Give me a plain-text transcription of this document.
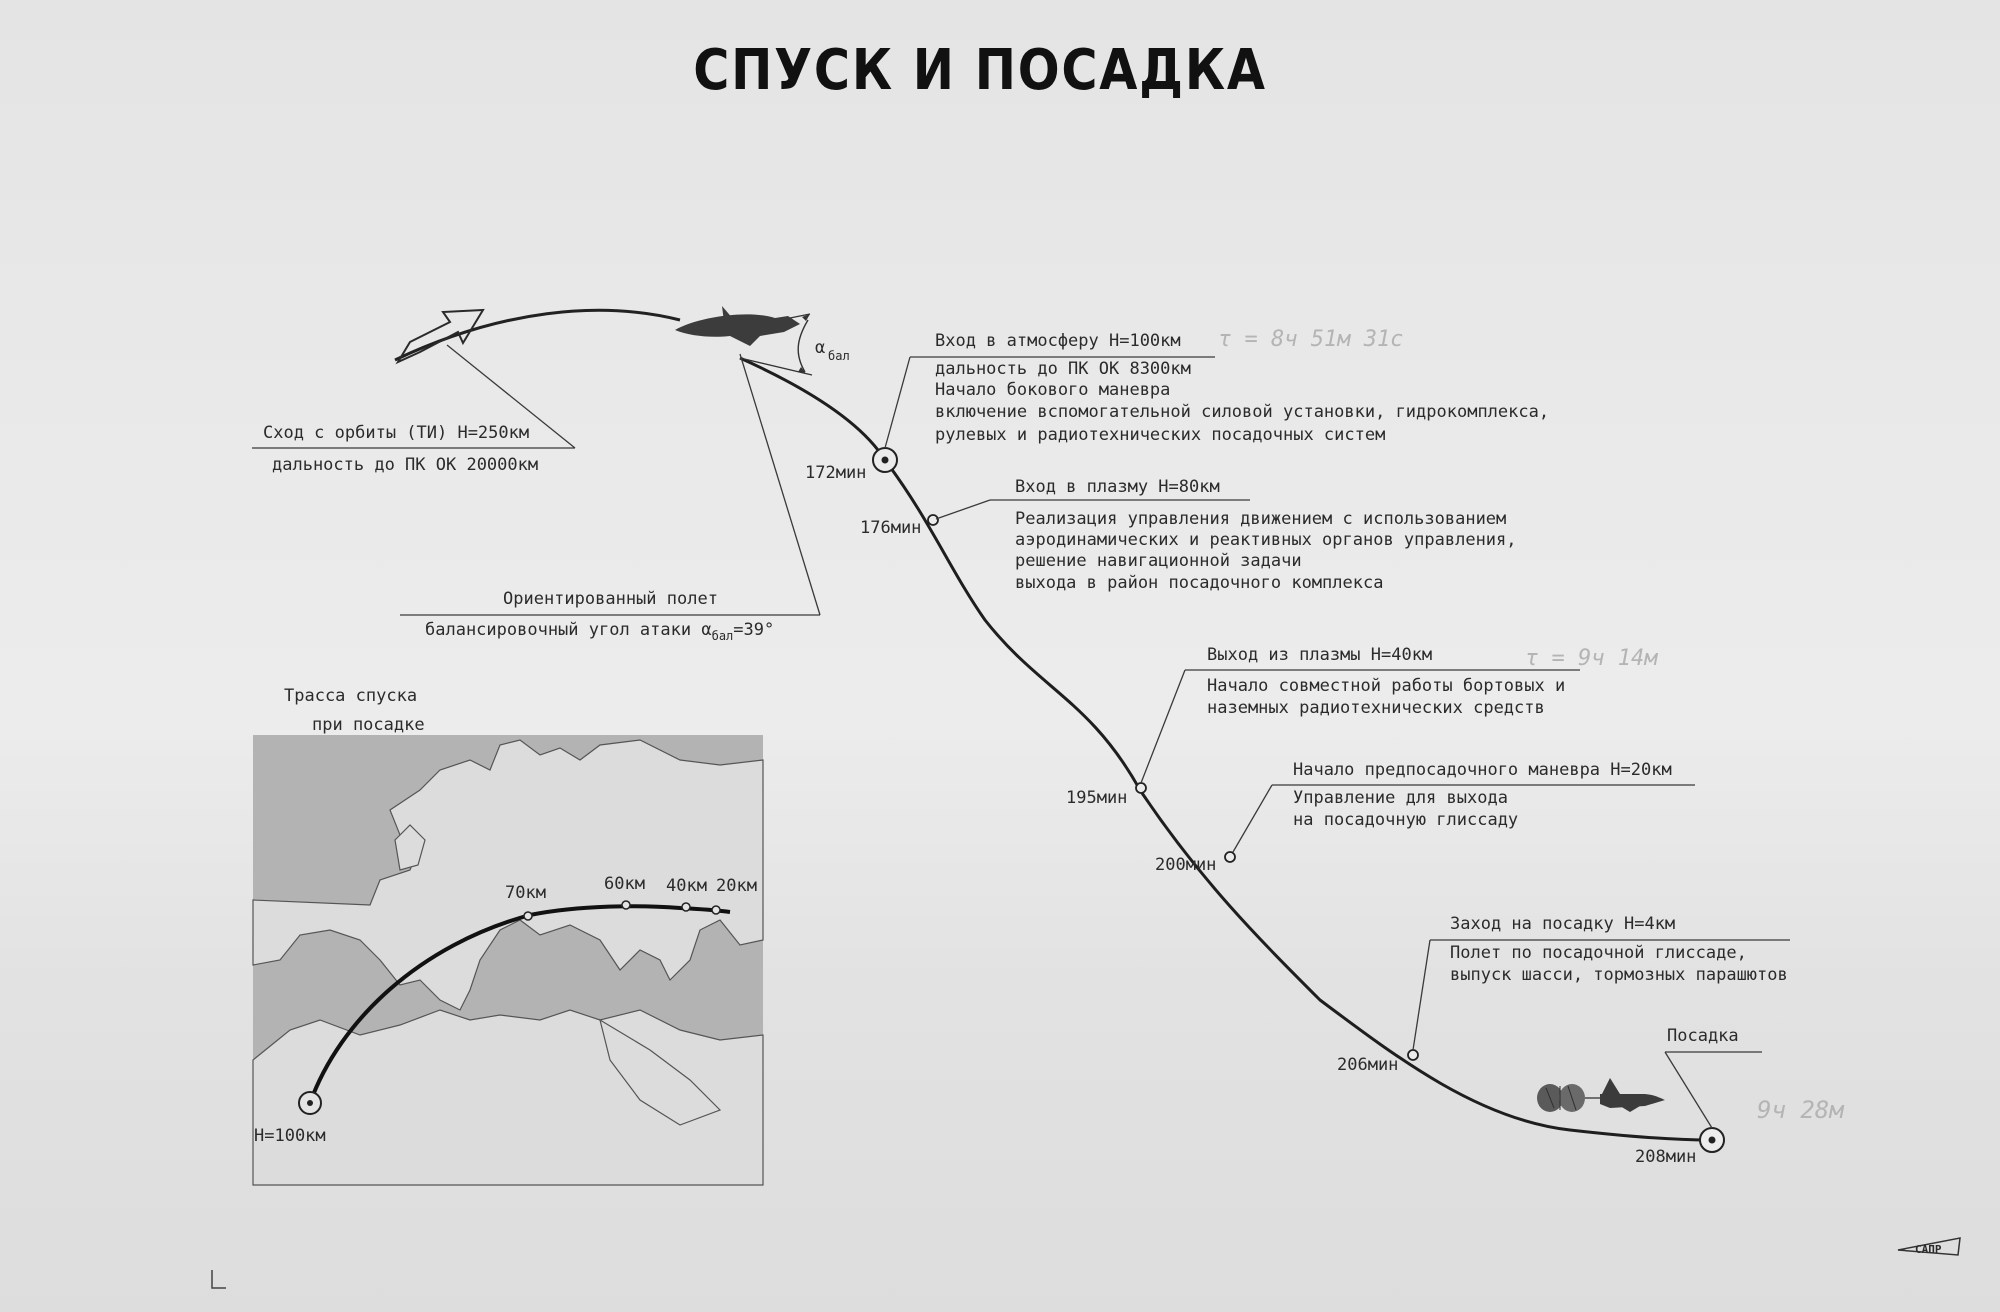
СПУСК И ПОСАДКА
α бал
τ = 8ч 51м 31с
τ = 9ч 14м
9ч 28м
172мин
176мин
195мин
200мин
206мин
208мин
Сход с орбиты (ТИ) Н=250км
дальность до ПК ОК 20000км
Ориентированный полет
балансировочный угол атаки $\alpha_{бал}=39^\circ$
Вход в атмосферу Н=100км
дальность до ПК ОК 8300км
Начало бокового маневра
включение вспомогательной силовой установки, гидрокомплекса,
рулевых и радиотехнических посадочных систем
Вход в плазму Н=80км
Реализация управления движением с использованием
аэродинамических и реактивных органов управления,
решение навигационной задачи
выхода в район посадочного комплекса
Выход из плазмы Н=40км
Начало совместной работы бортовых и
наземных радиотехнических средств
Начало предпосадочного маневра Н=20км
Управление для выхода
на посадочную глиссаду
Заход на посадку Н=4км
Полет по посадочной глиссаде,
выпуск шасси, тормозных парашютов
Посадка
Трасса спуска
при посадке
Н=100км
70км	60км 40км 20км
САПР
